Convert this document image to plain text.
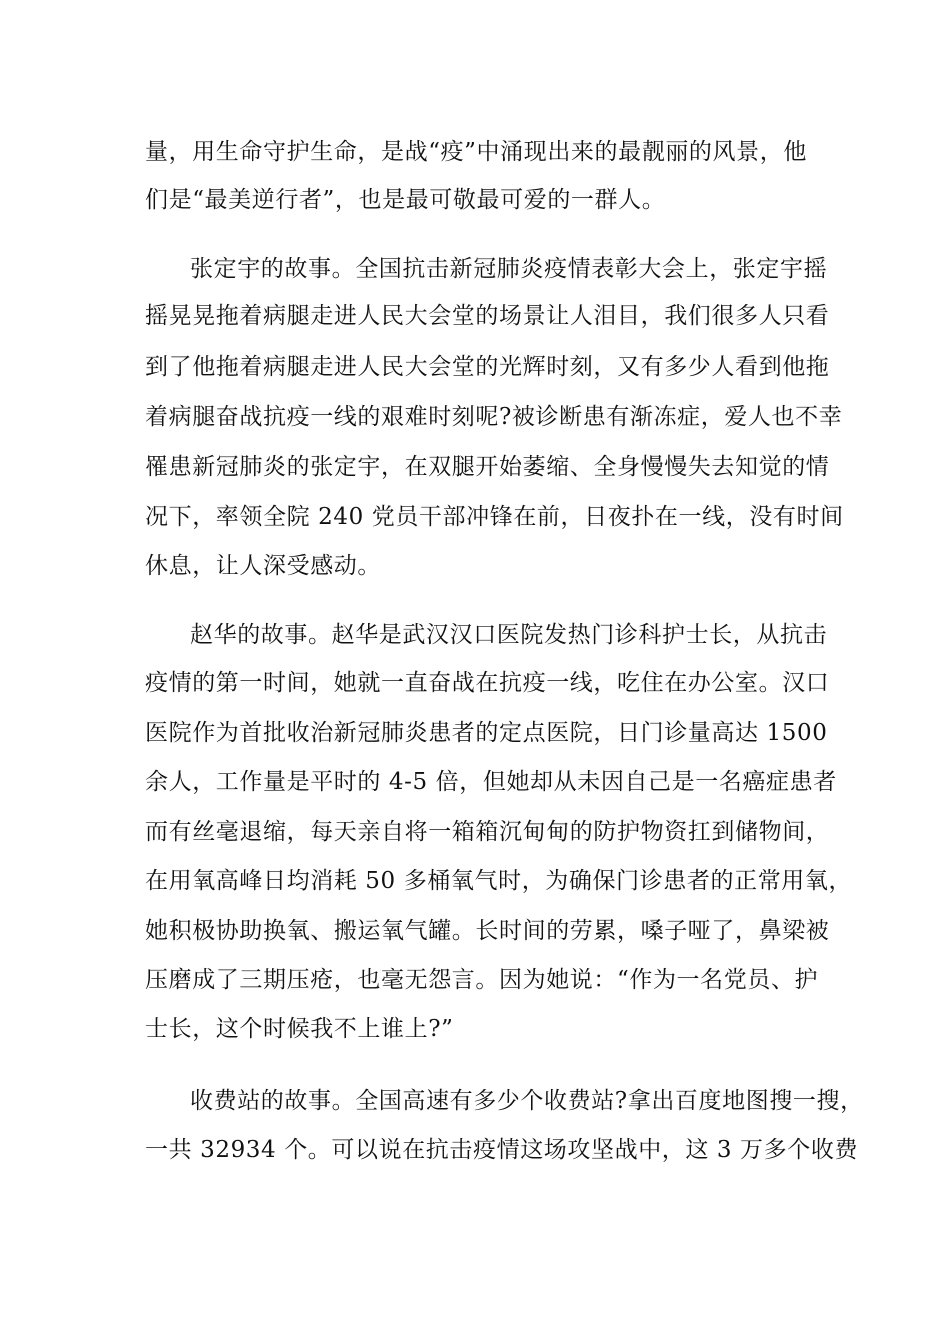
量，用生命守护生命，是战“疫”中涌现出来的最靓丽的风景，他
们是“最美逆行者”，也是最可敬最可爱的一群人。
张定宇的故事。全国抗击新冠肺炎疫情表彰大会上，张定宇摇
摇晃晃拖着病腿走进人民大会堂的场景让人泪目，我们很多人只看
到了他拖着病腿走进人民大会堂的光辉时刻，又有多少人看到他拖
着病腿奋战抗疫一线的艰难时刻呢?被诊断患有渐冻症，爱人也不幸
罹患新冠肺炎的张定宇，在双腿开始萎缩、全身慢慢失去知觉的情
况下，率领全院 240 党员干部冲锋在前，日夜扑在一线，没有时间
休息，让人深受感动。
赵华的故事。赵华是武汉汉口医院发热门诊科护士长，从抗击
疫情的第一时间，她就一直奋战在抗疫一线，吃住在办公室。汉口
医院作为首批收治新冠肺炎患者的定点医院，日门诊量高达 1500
余人，工作量是平时的 4-5 倍，但她却从未因自己是一名癌症患者
而有丝毫退缩，每天亲自将一箱箱沉甸甸的防护物资扛到储物间，
在用氧高峰日均消耗 50 多桶氧气时，为确保门诊患者的正常用氧，
她积极协助换氧、搬运氧气罐。长时间的劳累，嗓子哑了，鼻梁被
压磨成了三期压疮，也毫无怨言。因为她说：“作为一名党员、护
士长，这个时候我不上谁上?”
收费站的故事。全国高速有多少个收费站?拿出百度地图搜一搜，
一共 32934 个。可以说在抗击疫情这场攻坚战中，这 3 万多个收费
